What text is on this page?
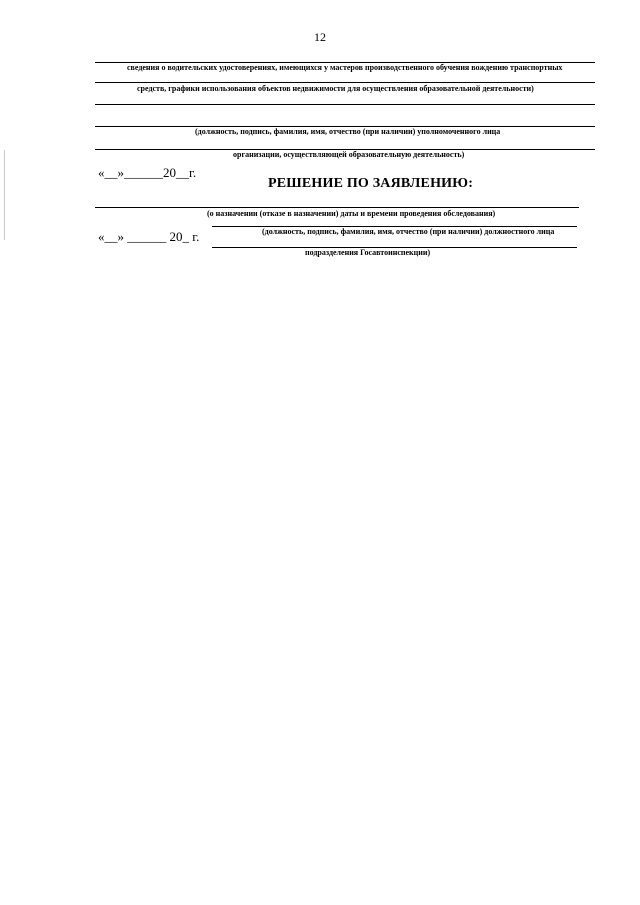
12
сведения о водительских удостоверениях, имеющихся у мастеров производственного обучения вождению транспортных
средств, графики использования объектов недвижимости для осуществления образовательной деятельности)
(должность, подпись, фамилия, имя, отчество (при наличии) уполномоченного лица
организации, осуществляющей образовательную деятельность)
«__»______20__г.
РЕШЕНИЕ ПО ЗАЯВЛЕНИЮ:
(о назначении (отказе в назначении) даты и времени проведения обследования)
«__» ______ 20_ г.	(должность, подпись, фамилия, имя, отчество (при наличии) должностного лица
подразделения Госавтоинспекции)
